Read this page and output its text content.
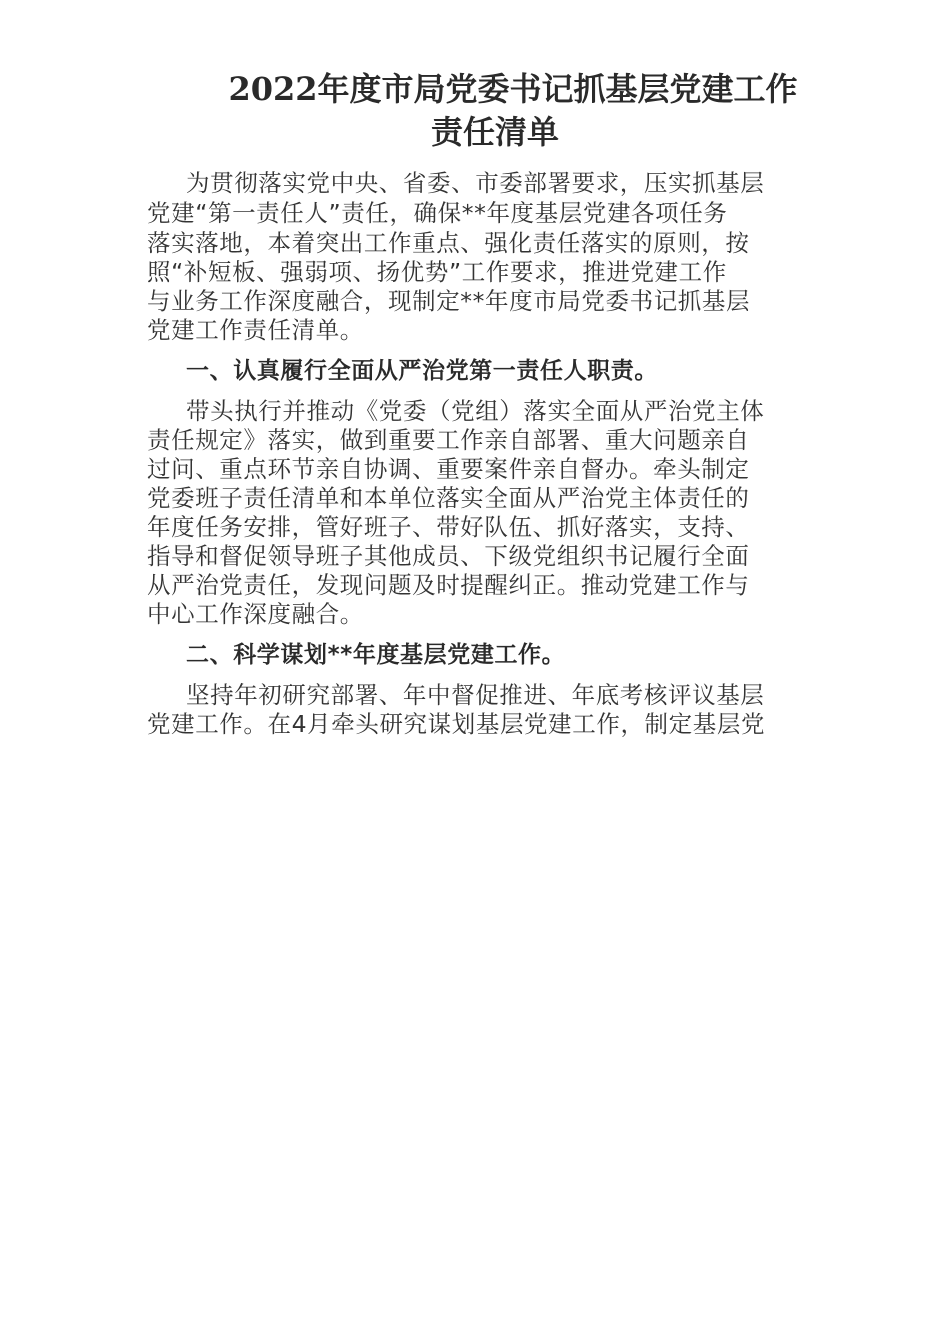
2022年度市局党委书记抓基层党建工作
责任清单
为贯彻落实党中央、省委、市委部署要求，压实抓基层
党建“第一责任人”责任，确保**年度基层党建各项任务
落实落地，本着突出工作重点、强化责任落实的原则，按
照“补短板、强弱项、扬优势”工作要求，推进党建工作
与业务工作深度融合，现制定**年度市局党委书记抓基层
党建工作责任清单。
一、认真履行全面从严治党第一责任人职责。
带头执行并推动《党委（党组）落实全面从严治党主体
责任规定》落实，做到重要工作亲自部署、重大问题亲自
过问、重点环节亲自协调、重要案件亲自督办。牵头制定
党委班子责任清单和本单位落实全面从严治党主体责任的
年度任务安排，管好班子、带好队伍、抓好落实，支持、
指导和督促领导班子其他成员、下级党组织书记履行全面
从严治党责任，发现问题及时提醒纠正。推动党建工作与
中心工作深度融合。
二、科学谋划**年度基层党建工作。
坚持年初研究部署、年中督促推进、年底考核评议基层
党建工作。在4月牵头研究谋划基层党建工作，制定基层党
